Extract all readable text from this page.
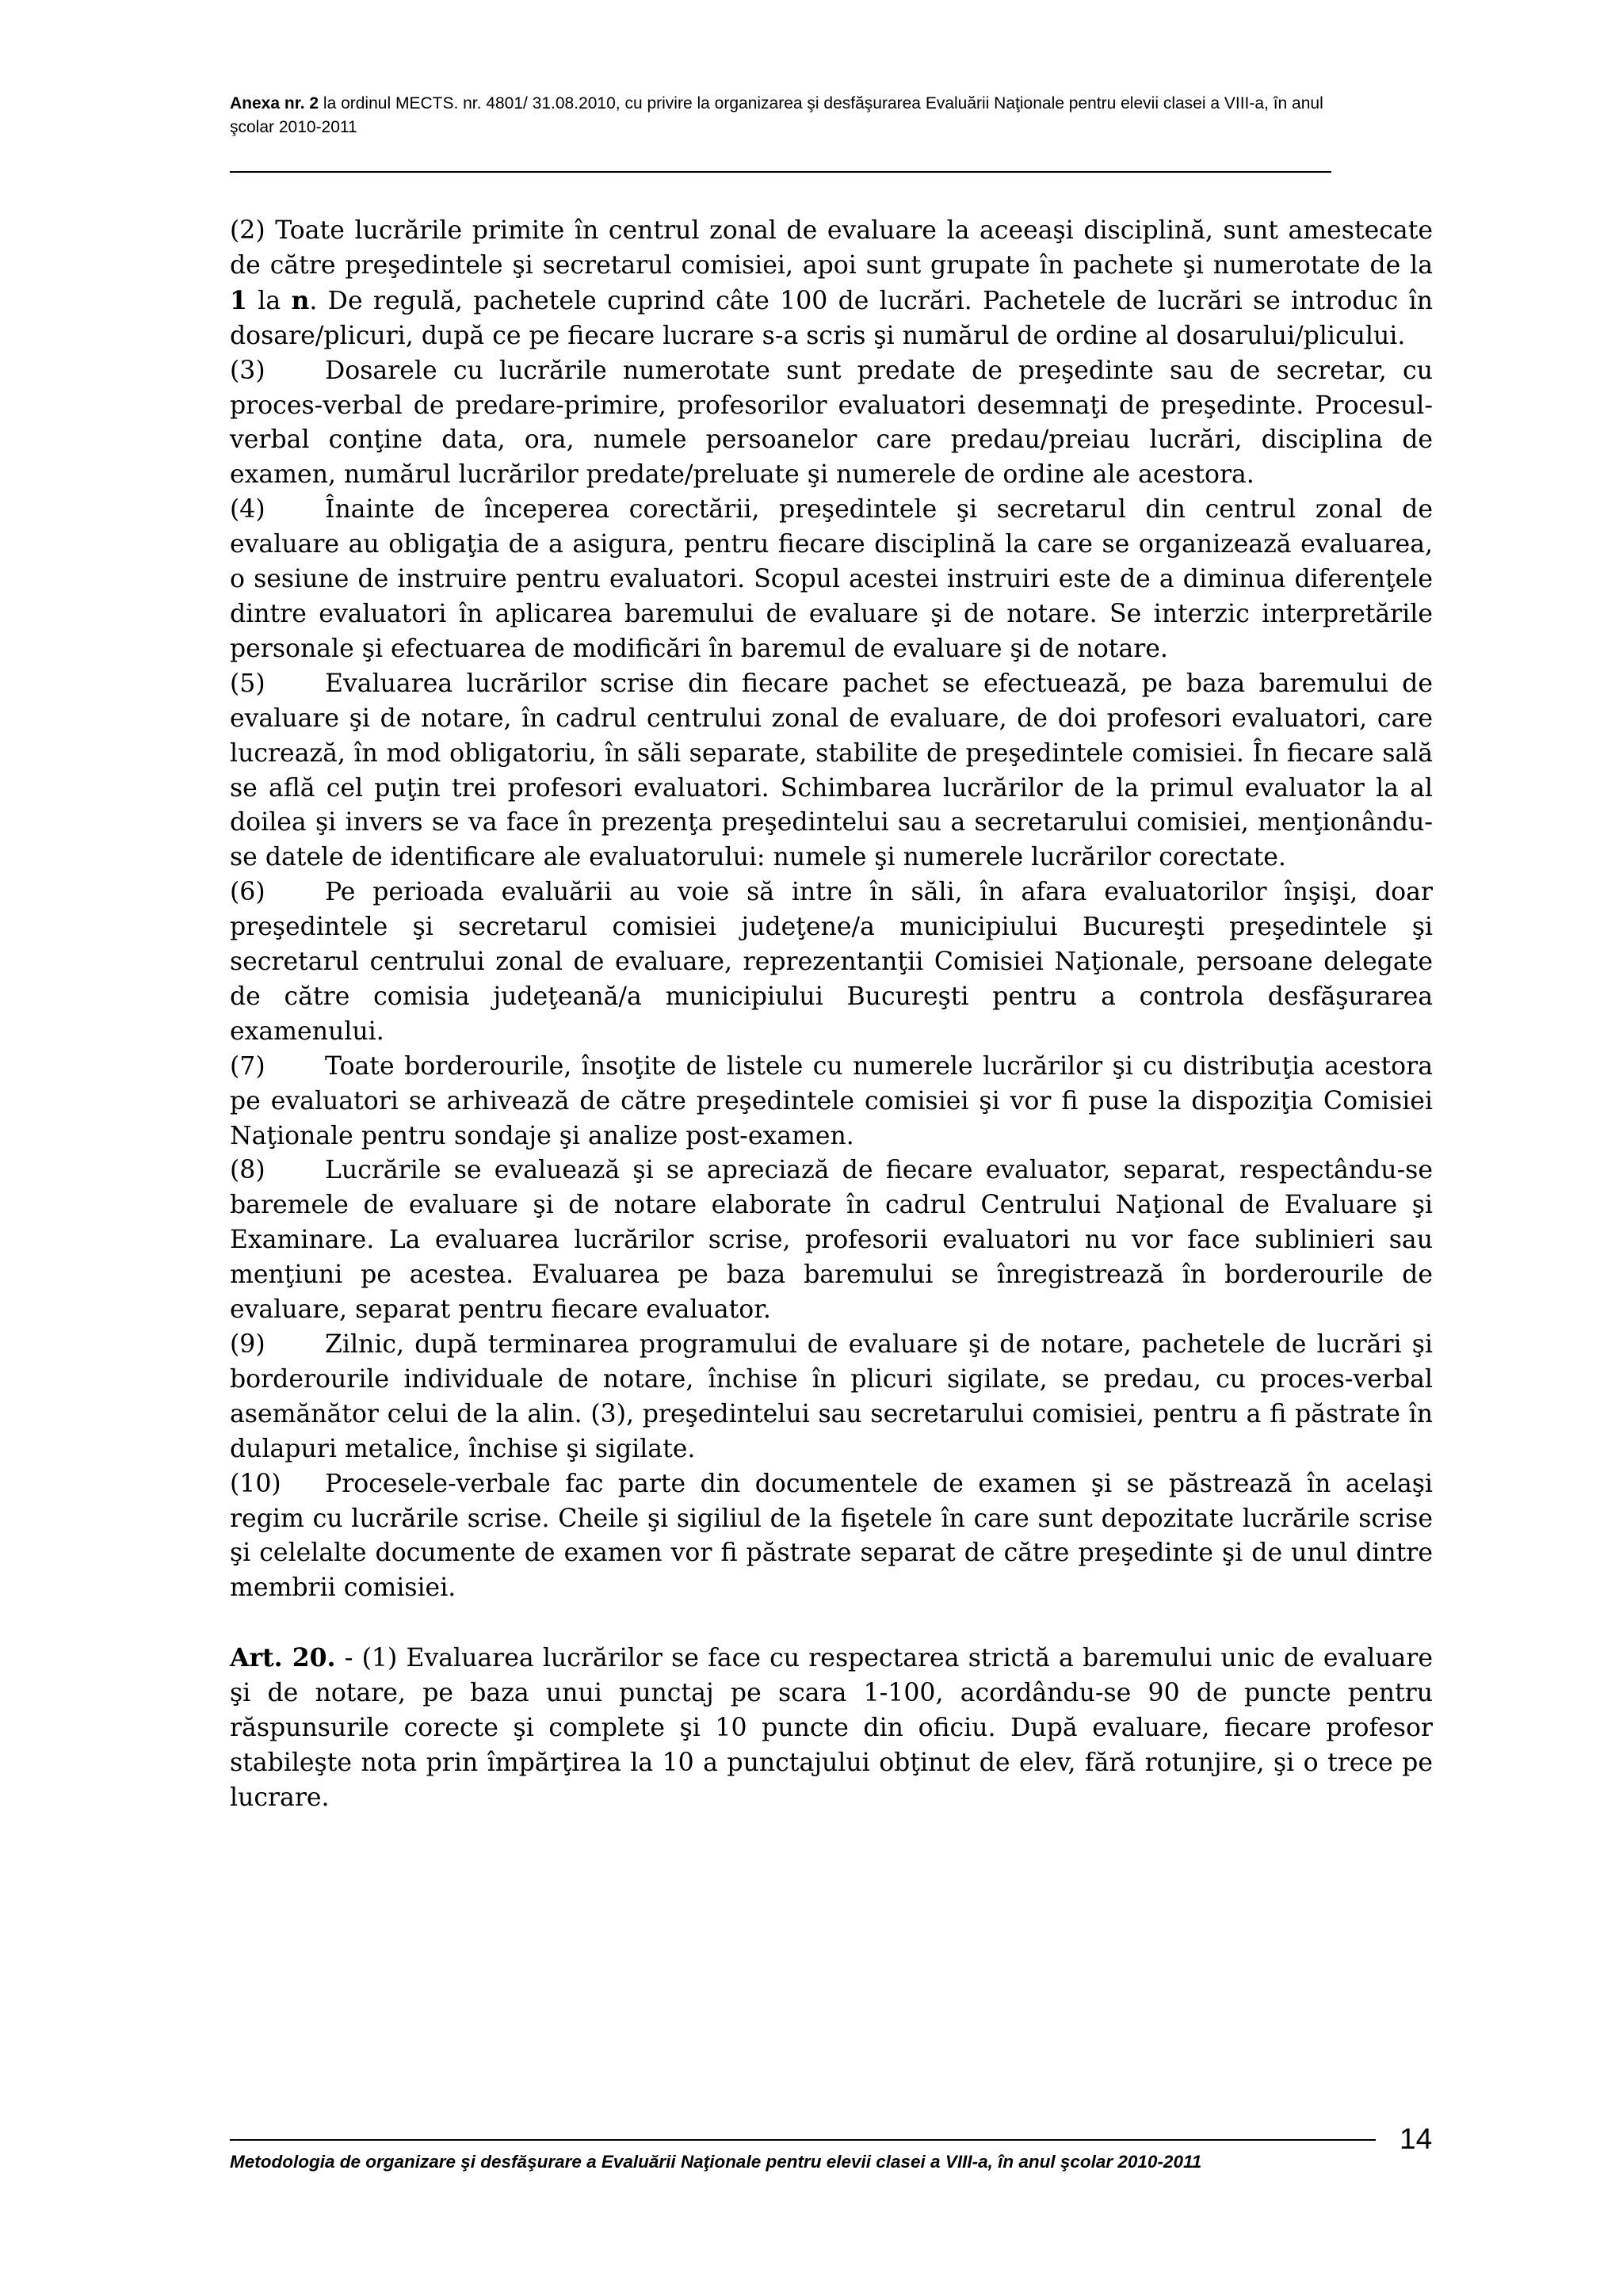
Anexa nr. 2 la ordinul MECTS. nr. 4801/ 31.08.2010, cu privire la organizarea şi desfăşurarea Evaluării Naţionale pentru elevii clasei a VIII-a, în anul şcolar 2010-2011

(2) Toate lucrările primite în centrul zonal de evaluare la aceeaşi disciplină, sunt amestecate de către preşedintele şi secretarul comisiei, apoi sunt grupate în pachete şi numerotate de la 1 la n. De regulă, pachetele cuprind câte 100 de lucrări. Pachetele de lucrări se introduc în dosare/plicuri, după ce pe fiecare lucrare s-a scris şi numărul de ordine al dosarului/plicului.

(3) Dosarele cu lucrările numerotate sunt predate de preşedinte sau de secretar, cu proces-verbal de predare-primire, profesorilor evaluatori desemnaţi de preşedinte. Procesul-verbal conţine data, ora, numele persoanelor care predau/preiau lucrări, disciplina de examen, numărul lucrărilor predate/preluate şi numerele de ordine ale acestora.

(4) Înainte de începerea corectării, preşedintele şi secretarul din centrul zonal de evaluare au obligaţia de a asigura, pentru fiecare disciplină la care se organizează evaluarea, o sesiune de instruire pentru evaluatori. Scopul acestei instruiri este de a diminua diferenţele dintre evaluatori în aplicarea baremului de evaluare şi de notare. Se interzic interpretările personale şi efectuarea de modificări în baremul de evaluare şi de notare.

(5) Evaluarea lucrărilor scrise din fiecare pachet se efectuează, pe baza baremului de evaluare şi de notare, în cadrul centrului zonal de evaluare, de doi profesori evaluatori, care lucrează, în mod obligatoriu, în săli separate, stabilite de preşedintele comisiei. În fiecare sală se află cel puţin trei profesori evaluatori. Schimbarea lucrărilor de la primul evaluator la al doilea şi invers se va face în prezenţa preşedintelui sau a secretarului comisiei, menţionându-se datele de identificare ale evaluatorului: numele şi numerele lucrărilor corectate.

(6) Pe perioada evaluării au voie să intre în săli, în afara evaluatorilor înşişi, doar preşedintele şi secretarul comisiei judeţene/a municipiului Bucureşti preşedintele şi secretarul centrului zonal de evaluare, reprezentanţii Comisiei Naţionale, persoane delegate de către comisia judeţeană/a municipiului Bucureşti pentru a controla desfăşurarea examenului.

(7) Toate borderourile, însoţite de listele cu numerele lucrărilor şi cu distribuţia acestora pe evaluatori se arhivează de către preşedintele comisiei şi vor fi puse la dispoziţia Comisiei Naţionale pentru sondaje şi analize post-examen.

(8) Lucrările se evaluează şi se apreciază de fiecare evaluator, separat, respectându-se baremele de evaluare şi de notare elaborate în cadrul Centrului Naţional de Evaluare şi Examinare. La evaluarea lucrărilor scrise, profesorii evaluatori nu vor face sublinieri sau menţiuni pe acestea. Evaluarea pe baza baremului se înregistrează în borderourile de evaluare, separat pentru fiecare evaluator.

(9) Zilnic, după terminarea programului de evaluare şi de notare, pachetele de lucrări şi borderourile individuale de notare, închise în plicuri sigilate, se predau, cu proces-verbal asemănător celui de la alin. (3), preşedintelui sau secretarului comisiei, pentru a fi păstrate în dulapuri metalice, închise şi sigilate.

(10) Procesele-verbale fac parte din documentele de examen şi se păstrează în acelaşi regim cu lucrările scrise. Cheile şi sigiliul de la fişetele în care sunt depozitate lucrările scrise şi celelalte documente de examen vor fi păstrate separat de către preşedinte şi de unul dintre membrii comisiei.

Art. 20. - (1) Evaluarea lucrărilor se face cu respectarea strictă a baremului unic de evaluare şi de notare, pe baza unui punctaj pe scara 1-100, acordându-se 90 de puncte pentru răspunsurile corecte şi complete şi 10 puncte din oficiu. După evaluare, fiecare profesor stabileşte nota prin împărţirea la 10 a punctajului obţinut de elev, fără rotunjire, şi o trece pe lucrare.

Metodologia de organizare şi desfăşurare a Evaluării Naţionale pentru elevii clasei a VIII-a, în anul şcolar 2010-2011
14
